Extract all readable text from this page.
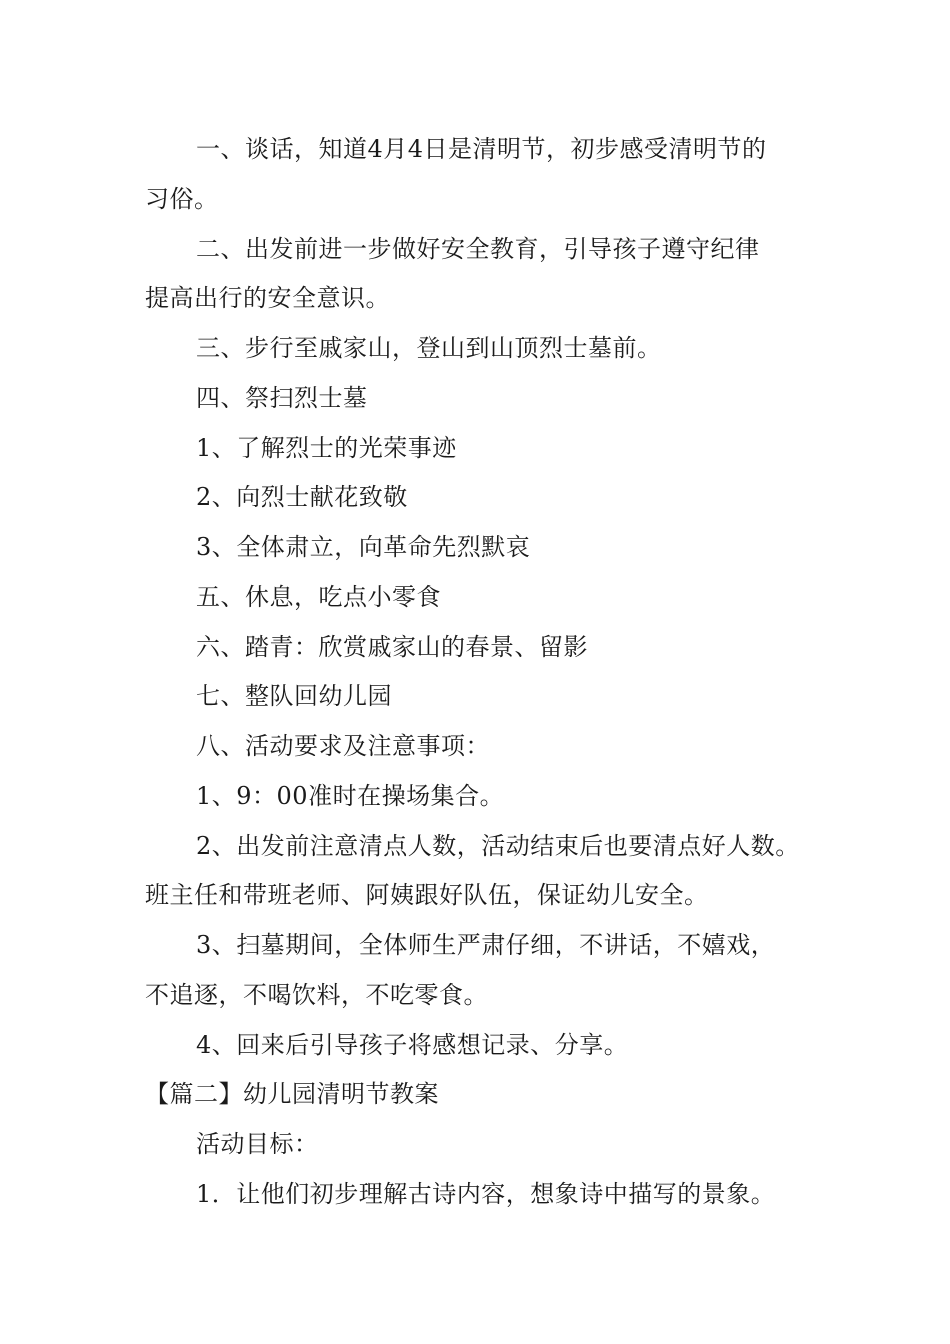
一、谈话，知道4月4日是清明节，初步感受清明节的
习俗。
二、出发前进一步做好安全教育，引导孩子遵守纪律
提高出行的安全意识。
三、步行至戚家山，登山到山顶烈士墓前。
四、祭扫烈士墓
1、了解烈士的光荣事迹
2、向烈士献花致敬
3、全体肃立，向革命先烈默哀
五、休息，吃点小零食
六、踏青：欣赏戚家山的春景、留影
七、整队回幼儿园
八、活动要求及注意事项：
1、9：00准时在操场集合。
2、出发前注意清点人数，活动结束后也要清点好人数。
班主任和带班老师、阿姨跟好队伍，保证幼儿安全。
3、扫墓期间，全体师生严肃仔细，不讲话，不嬉戏，
不追逐，不喝饮料，不吃零食。
4、回来后引导孩子将感想记录、分享。
【篇二】幼儿园清明节教案
活动目标：
1．让他们初步理解古诗内容，想象诗中描写的景象。
